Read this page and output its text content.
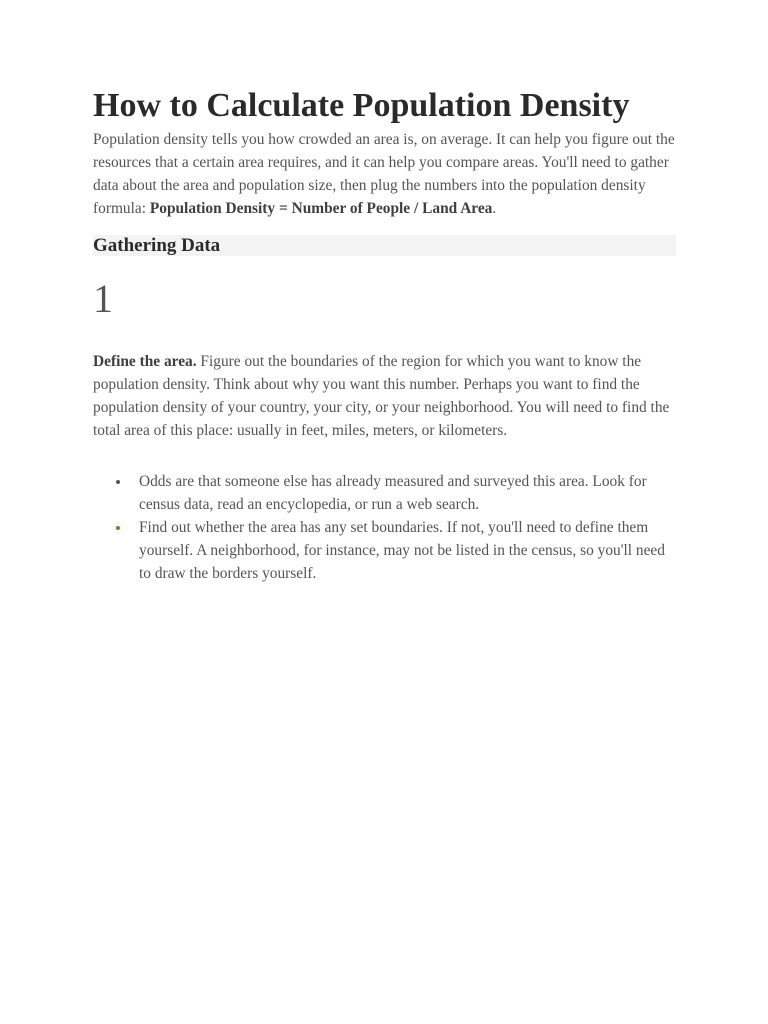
How to Calculate Population Density

Population density tells you how crowded an area is, on average. It can help you figure out the resources that a certain area requires, and it can help you compare areas. You'll need to gather data about the area and population size, then plug the numbers into the population density formula: Population Density = Number of People / Land Area.

Gathering Data
1

Define the area. Figure out the boundaries of the region for which you want to know the population density. Think about why you want this number. Perhaps you want to find the population density of your country, your city, or your neighborhood. You will need to find the total area of this place: usually in feet, miles, meters, or kilometers.

Odds are that someone else has already measured and surveyed this area. Look for census data, read an encyclopedia, or run a web search.
Find out whether the area has any set boundaries. If not, you'll need to define them yourself. A neighborhood, for instance, may not be listed in the census, so you'll need to draw the borders yourself.
